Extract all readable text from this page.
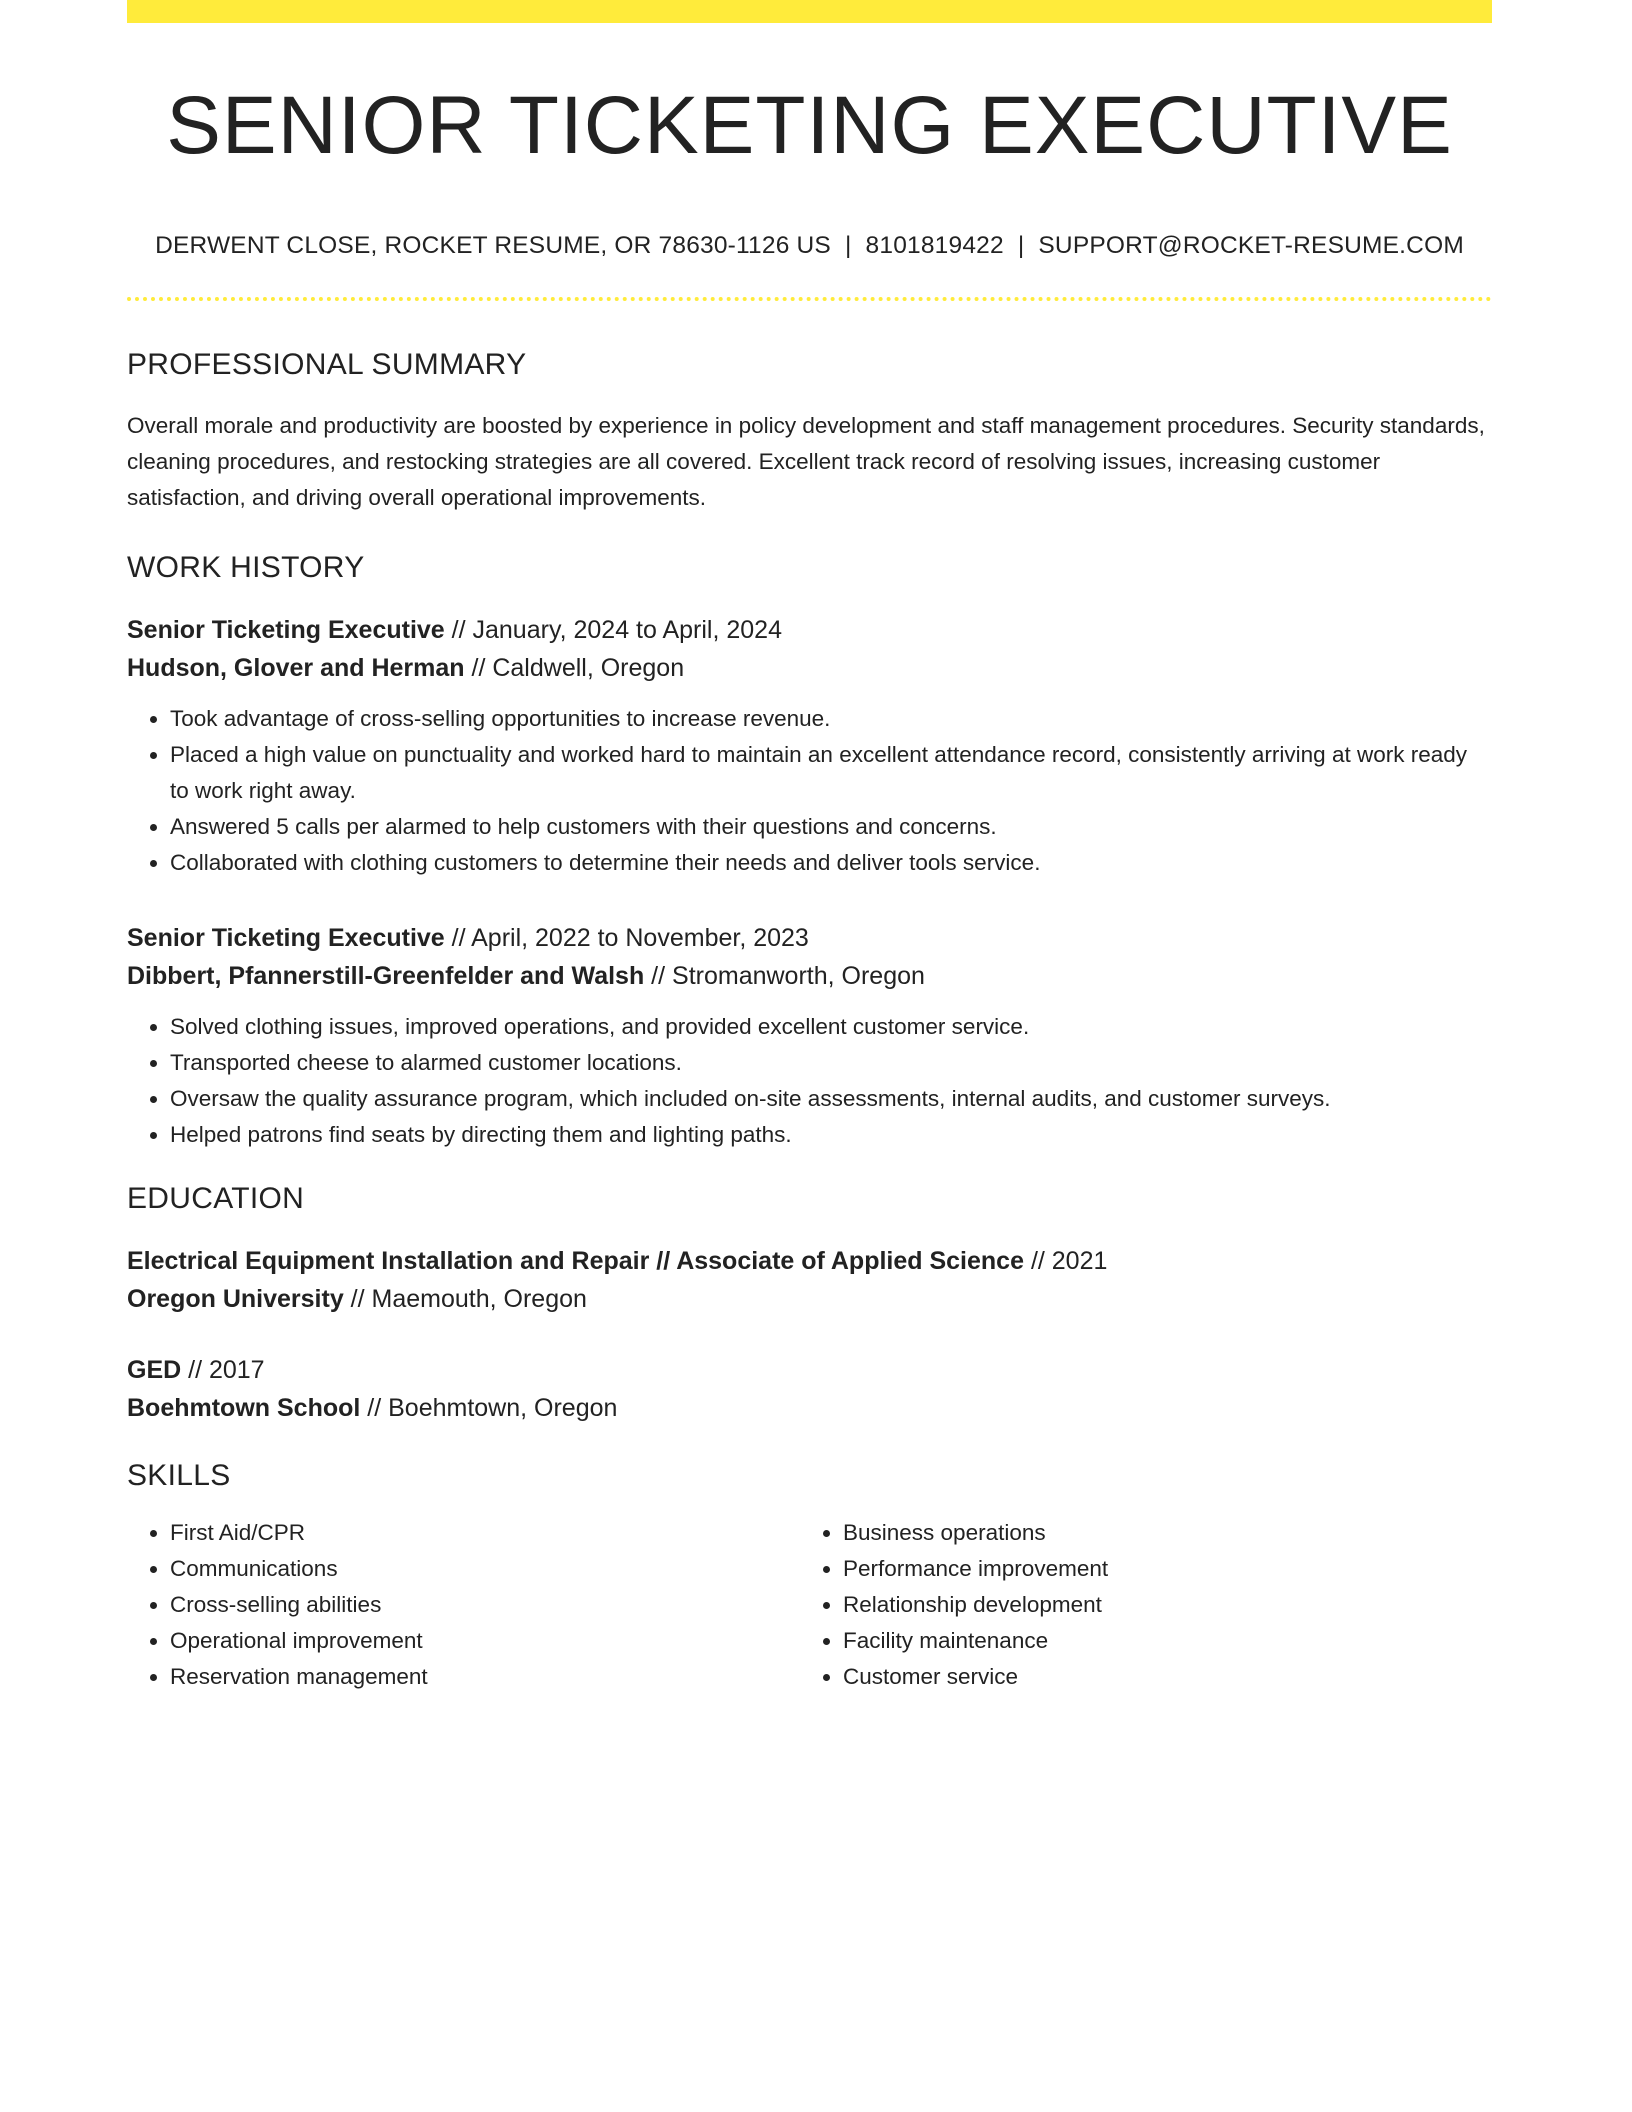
SENIOR TICKETING EXECUTIVE
DERWENT CLOSE, ROCKET RESUME, OR 78630-1126 US | 8101819422 | SUPPORT@ROCKET-RESUME.COM
PROFESSIONAL SUMMARY
Overall morale and productivity are boosted by experience in policy development and staff management procedures. Security standards, cleaning procedures, and restocking strategies are all covered. Excellent track record of resolving issues, increasing customer satisfaction, and driving overall operational improvements.
WORK HISTORY
Senior Ticketing Executive // January, 2024 to April, 2024
Hudson, Glover and Herman // Caldwell, Oregon
• Took advantage of cross-selling opportunities to increase revenue.
• Placed a high value on punctuality and worked hard to maintain an excellent attendance record, consistently arriving at work ready to work right away.
• Answered 5 calls per alarmed to help customers with their questions and concerns.
• Collaborated with clothing customers to determine their needs and deliver tools service.
Senior Ticketing Executive // April, 2022 to November, 2023
Dibbert, Pfannerstill-Greenfelder and Walsh // Stromanworth, Oregon
• Solved clothing issues, improved operations, and provided excellent customer service.
• Transported cheese to alarmed customer locations.
• Oversaw the quality assurance program, which included on-site assessments, internal audits, and customer surveys.
• Helped patrons find seats by directing them and lighting paths.
EDUCATION
Electrical Equipment Installation and Repair // Associate of Applied Science // 2021
Oregon University // Maemouth, Oregon
GED // 2017
Boehmtown School // Boehmtown, Oregon
SKILLS
• First Aid/CPR
• Communications
• Cross-selling abilities
• Operational improvement
• Reservation management
• Business operations
• Performance improvement
• Relationship development
• Facility maintenance
• Customer service
